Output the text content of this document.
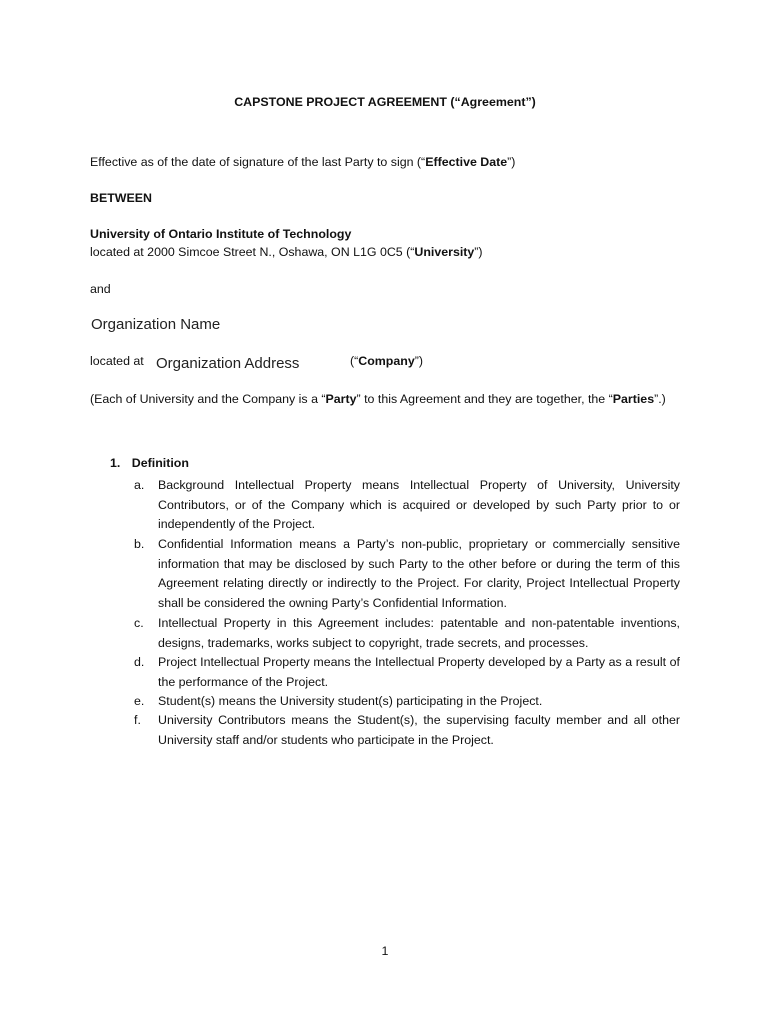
CAPSTONE PROJECT AGREEMENT (“Agreement”)
Effective as of the date of signature of the last Party to sign (“Effective Date”)
BETWEEN
University of Ontario Institute of Technology
located at 2000 Simcoe Street N., Oshawa, ON L1G 0C5 (“University”)
and
Organization Name
located at Organization Address	(“Company”)
(Each of University and the Company is a “Party” to this Agreement and they are together, the “Parties”.)
1. Definition
a. Background Intellectual Property means Intellectual Property of University, University Contributors, or of the Company which is acquired or developed by such Party prior to or independently of the Project.
b. Confidential Information means a Party’s non-public, proprietary or commercially sensitive information that may be disclosed by such Party to the other before or during the term of this Agreement relating directly or indirectly to the Project. For clarity, Project Intellectual Property shall be considered the owning Party’s Confidential Information.
c. Intellectual Property in this Agreement includes: patentable and non-patentable inventions, designs, trademarks, works subject to copyright, trade secrets, and processes.
d. Project Intellectual Property means the Intellectual Property developed by a Party as a result of the performance of the Project.
e. Student(s) means the University student(s) participating in the Project.
f. University Contributors means the Student(s), the supervising faculty member and all other University staff and/or students who participate in the Project.
1
